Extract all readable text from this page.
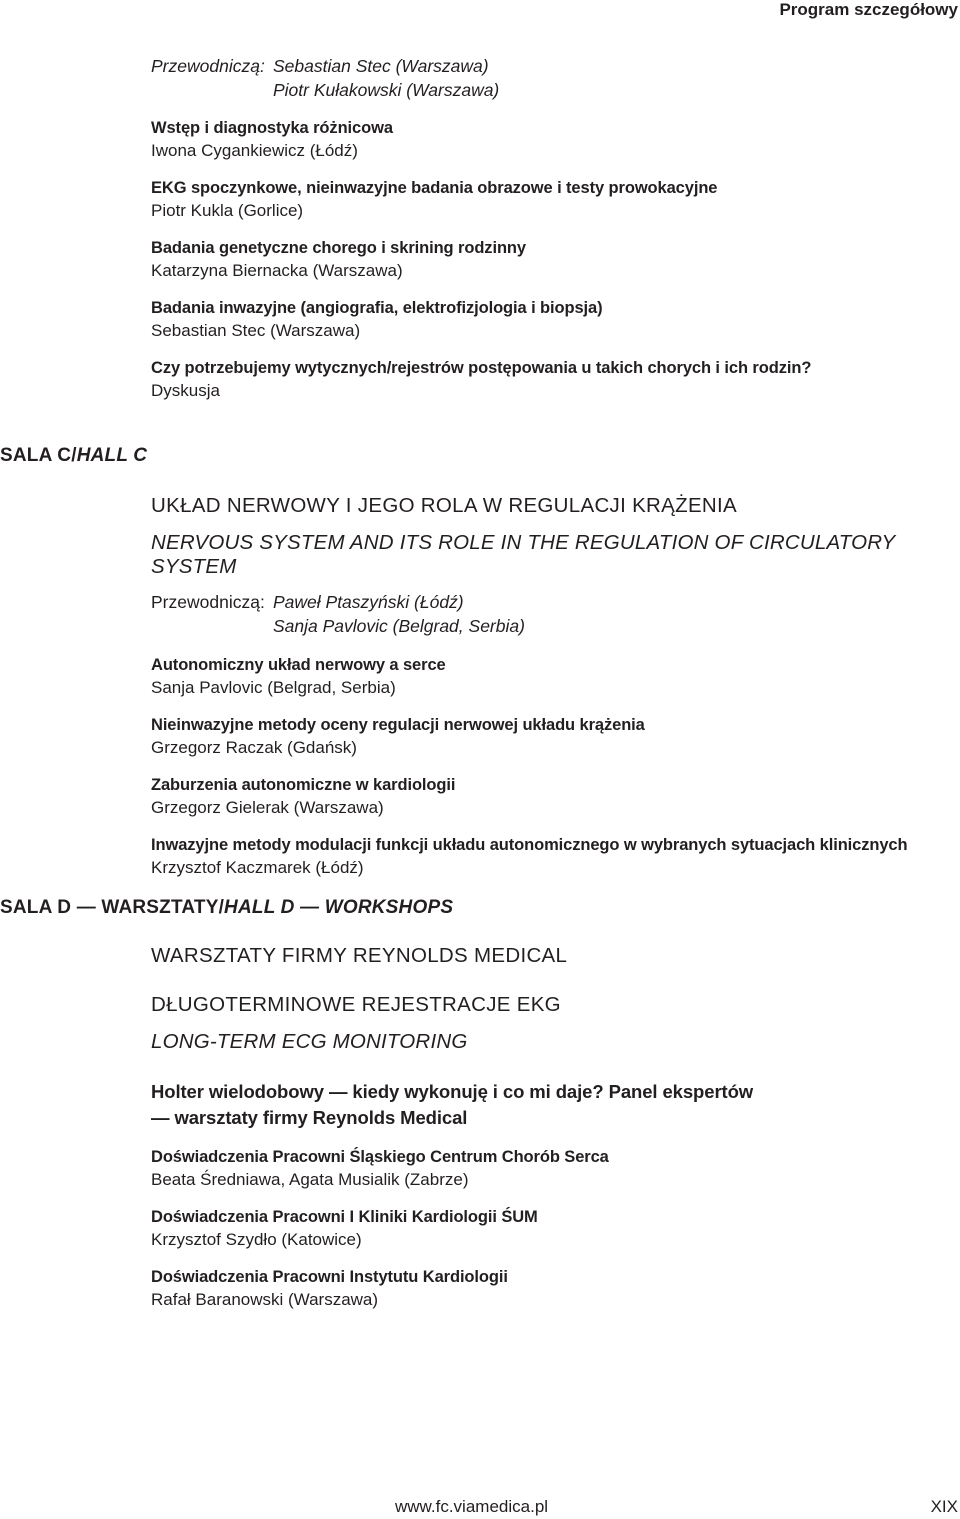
Program szczegółowy
Przewodniczą: Sebastian Stec (Warszawa)
Piotr Kułakowski (Warszawa)
Wstęp i diagnostyka różnicowa
Iwona Cygankiewicz (Łódź)
EKG spoczynkowe, nieinwazyjne badania obrazowe i testy prowokacyjne
Piotr Kukla (Gorlice)
Badania genetyczne chorego i skrining rodzinny
Katarzyna Biernacka (Warszawa)
Badania inwazyjne (angiografia, elektrofizjologia i biopsja)
Sebastian Stec (Warszawa)
Czy potrzebujemy wytycznych/rejestrów postępowania u takich chorych i ich rodzin?
Dyskusja
SALA C/HALL C
UKŁAD NERWOWY I JEGO ROLA W REGULACJI KRĄŻENIA
NERVOUS SYSTEM AND ITS ROLE IN THE REGULATION OF CIRCULATORY SYSTEM
Przewodniczą: Paweł Ptaszyński (Łódź)
Sanja Pavlovic (Belgrad, Serbia)
Autonomiczny układ nerwowy a serce
Sanja Pavlovic (Belgrad, Serbia)
Nieinwazyjne metody oceny regulacji nerwowej układu krążenia
Grzegorz Raczak (Gdańsk)
Zaburzenia autonomiczne w kardiologii
Grzegorz Gielerak (Warszawa)
Inwazyjne metody modulacji funkcji układu autonomicznego w wybranych sytuacjach klinicznych
Krzysztof Kaczmarek (Łódź)
SALA D — WARSZTATY/HALL D — WORKSHOPS
WARSZTATY FIRMY REYNOLDS MEDICAL
DŁUGOTERMINOWE REJESTRACJE EKG
LONG-TERM ECG MONITORING
Holter wielodobowy — kiedy wykonuję i co mi daje? Panel ekspertów
— warsztaty firmy Reynolds Medical
Doświadczenia Pracowni Śląskiego Centrum Chorób Serca
Beata Średniawa, Agata Musialik (Zabrze)
Doświadczenia Pracowni I Kliniki Kardiologii ŚUM
Krzysztof Szydło (Katowice)
Doświadczenia Pracowni Instytutu Kardiologii
Rafał Baranowski (Warszawa)
www.fc.viamedica.pl	XIX
